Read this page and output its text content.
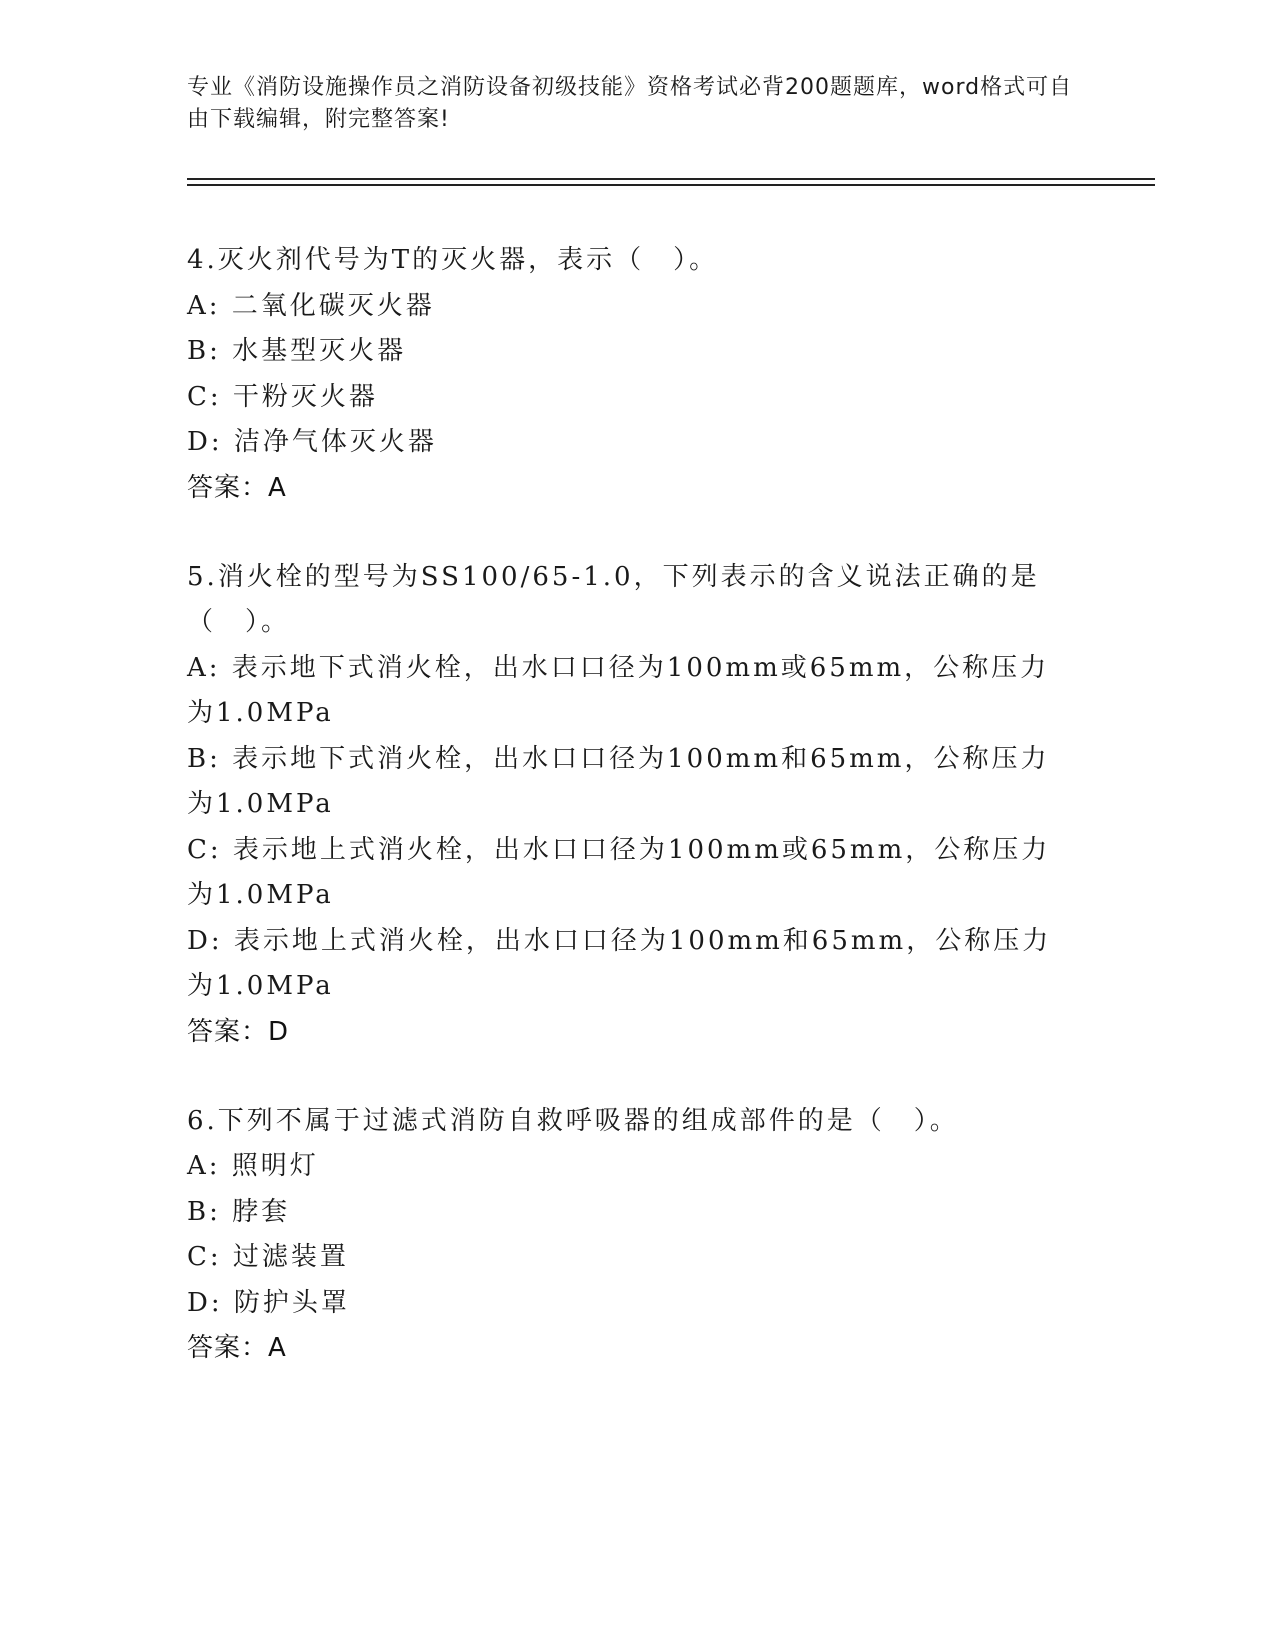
专业《消防设施操作员之消防设备初级技能》资格考试必背200题题库，word格式可自由下载编辑，附完整答案!
4.灭火剂代号为T的灭火器，表示（　）。
A: 二氧化碳灭火器
B: 水基型灭火器
C: 干粉灭火器
D: 洁净气体灭火器
答案：A
5.消火栓的型号为SS100/65-1.0，下列表示的含义说法正确的是（　）。
A: 表示地下式消火栓，出水口口径为100mm或65mm，公称压力为1.0MPa
B: 表示地下式消火栓，出水口口径为100mm和65mm，公称压力为1.0MPa
C: 表示地上式消火栓，出水口口径为100mm或65mm，公称压力为1.0MPa
D: 表示地上式消火栓，出水口口径为100mm和65mm，公称压力为1.0MPa
答案：D
6.下列不属于过滤式消防自救呼吸器的组成部件的是（　）。
A: 照明灯
B: 脖套
C: 过滤装置
D: 防护头罩
答案：A
